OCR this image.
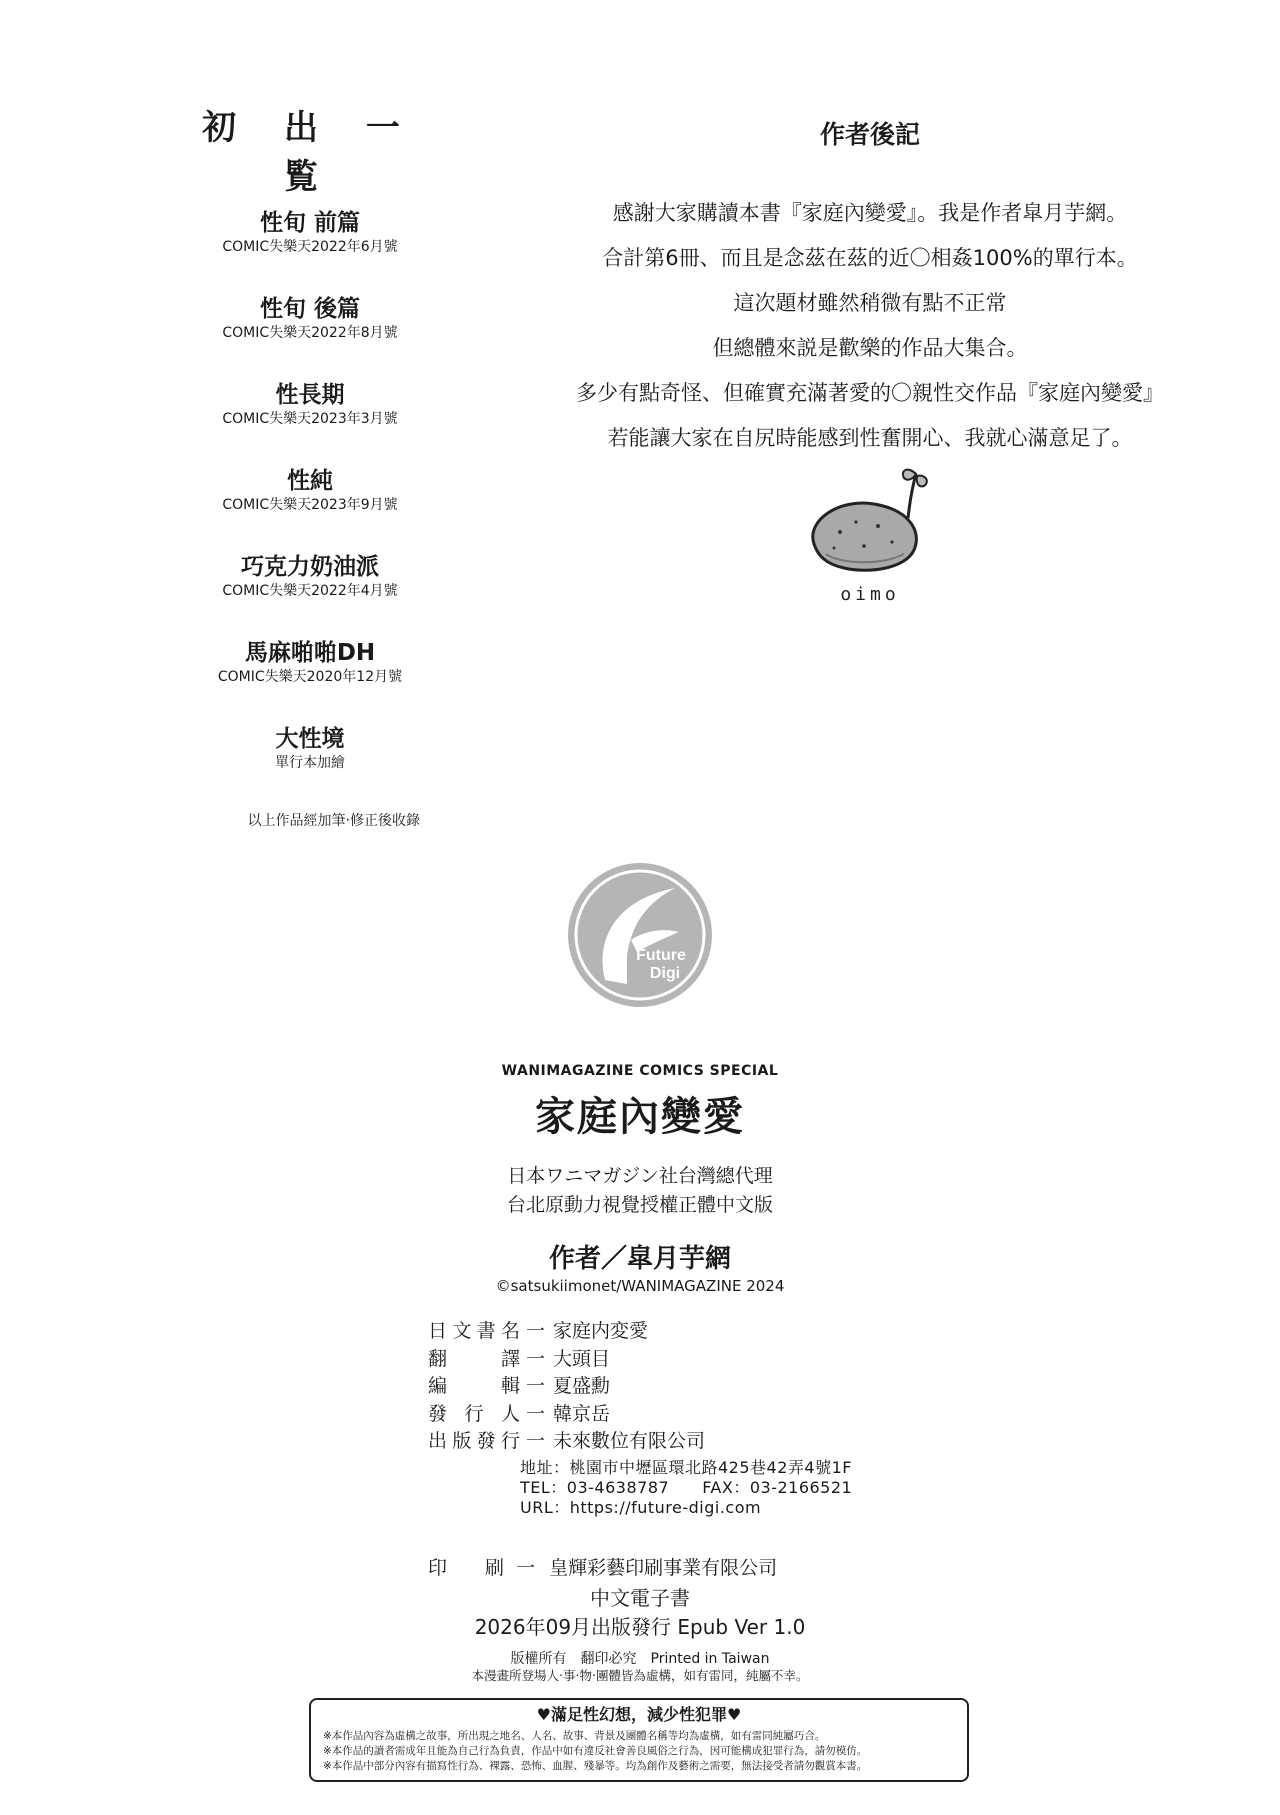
初 出 一 覧
性旬 前篇
COMIC失樂天2022年6月號
性旬 後篇
COMIC失樂天2022年8月號
性長期
COMIC失樂天2023年3月號
性純
COMIC失樂天2023年9月號
巧克力奶油派
COMIC失樂天2022年4月號
馬麻啪啪DH
COMIC失樂天2020年12月號
大性境
單行本加繪
以上作品經加筆‧修正後收錄
作者後記
感謝大家購讀本書『家庭內變愛』。我是作者皐月芋網。
合計第6冊、而且是念茲在茲的近〇相姦100%的單行本。
這次題材雖然稍微有點不正常
但總體來説是歡樂的作品大集合。
多少有點奇怪、但確實充滿著愛的〇親性交作品『家庭內變愛』
若能讓大家在自尻時能感到性奮開心、我就心滿意足了。
oimo
Future
Digi
WANIMAGAZINE COMICS SPECIAL
家庭內變愛
日本ワニマガジン社台灣總代理
台北原動力視覺授權正體中文版
作者／皐月芋網
©satsukiimonet/WANIMAGAZINE 2024
日文書名 一 家庭内変愛
翻譯 一 大頭目
編輯 一 夏盛勳
發行人 一 韓京岳
出版發行 一 未來數位有限公司
地址：桃園市中壢區環北路425巷42弄4號1F
TEL：03-4638787　　FAX：03-2166521
URL：https://future-digi.com
印　　刷 一 皇輝彩藝印刷事業有限公司
中文電子書
2026年09月出版發行 Epub Ver 1.0
版權所有　翻印必究　Printed in Taiwan
本漫畫所登場人‧事‧物‧團體皆為虛構，如有雷同，純屬不幸。
♥滿足性幻想，減少性犯罪♥
※本作品內容為虛構之故事，所出現之地名、人名、故事、背景及團體名稱等均為虛構，如有雷同純屬巧合。
※本作品的讀者需成年且能為自己行為負責，作品中如有違反社會善良風俗之行為，因可能構成犯罪行為，請勿模仿。
※本作品中部分內容有描寫性行為、裸露、恐怖、血腥、殘暴等。均為創作及藝術之需要，無法接受者請勿觀賞本書。
